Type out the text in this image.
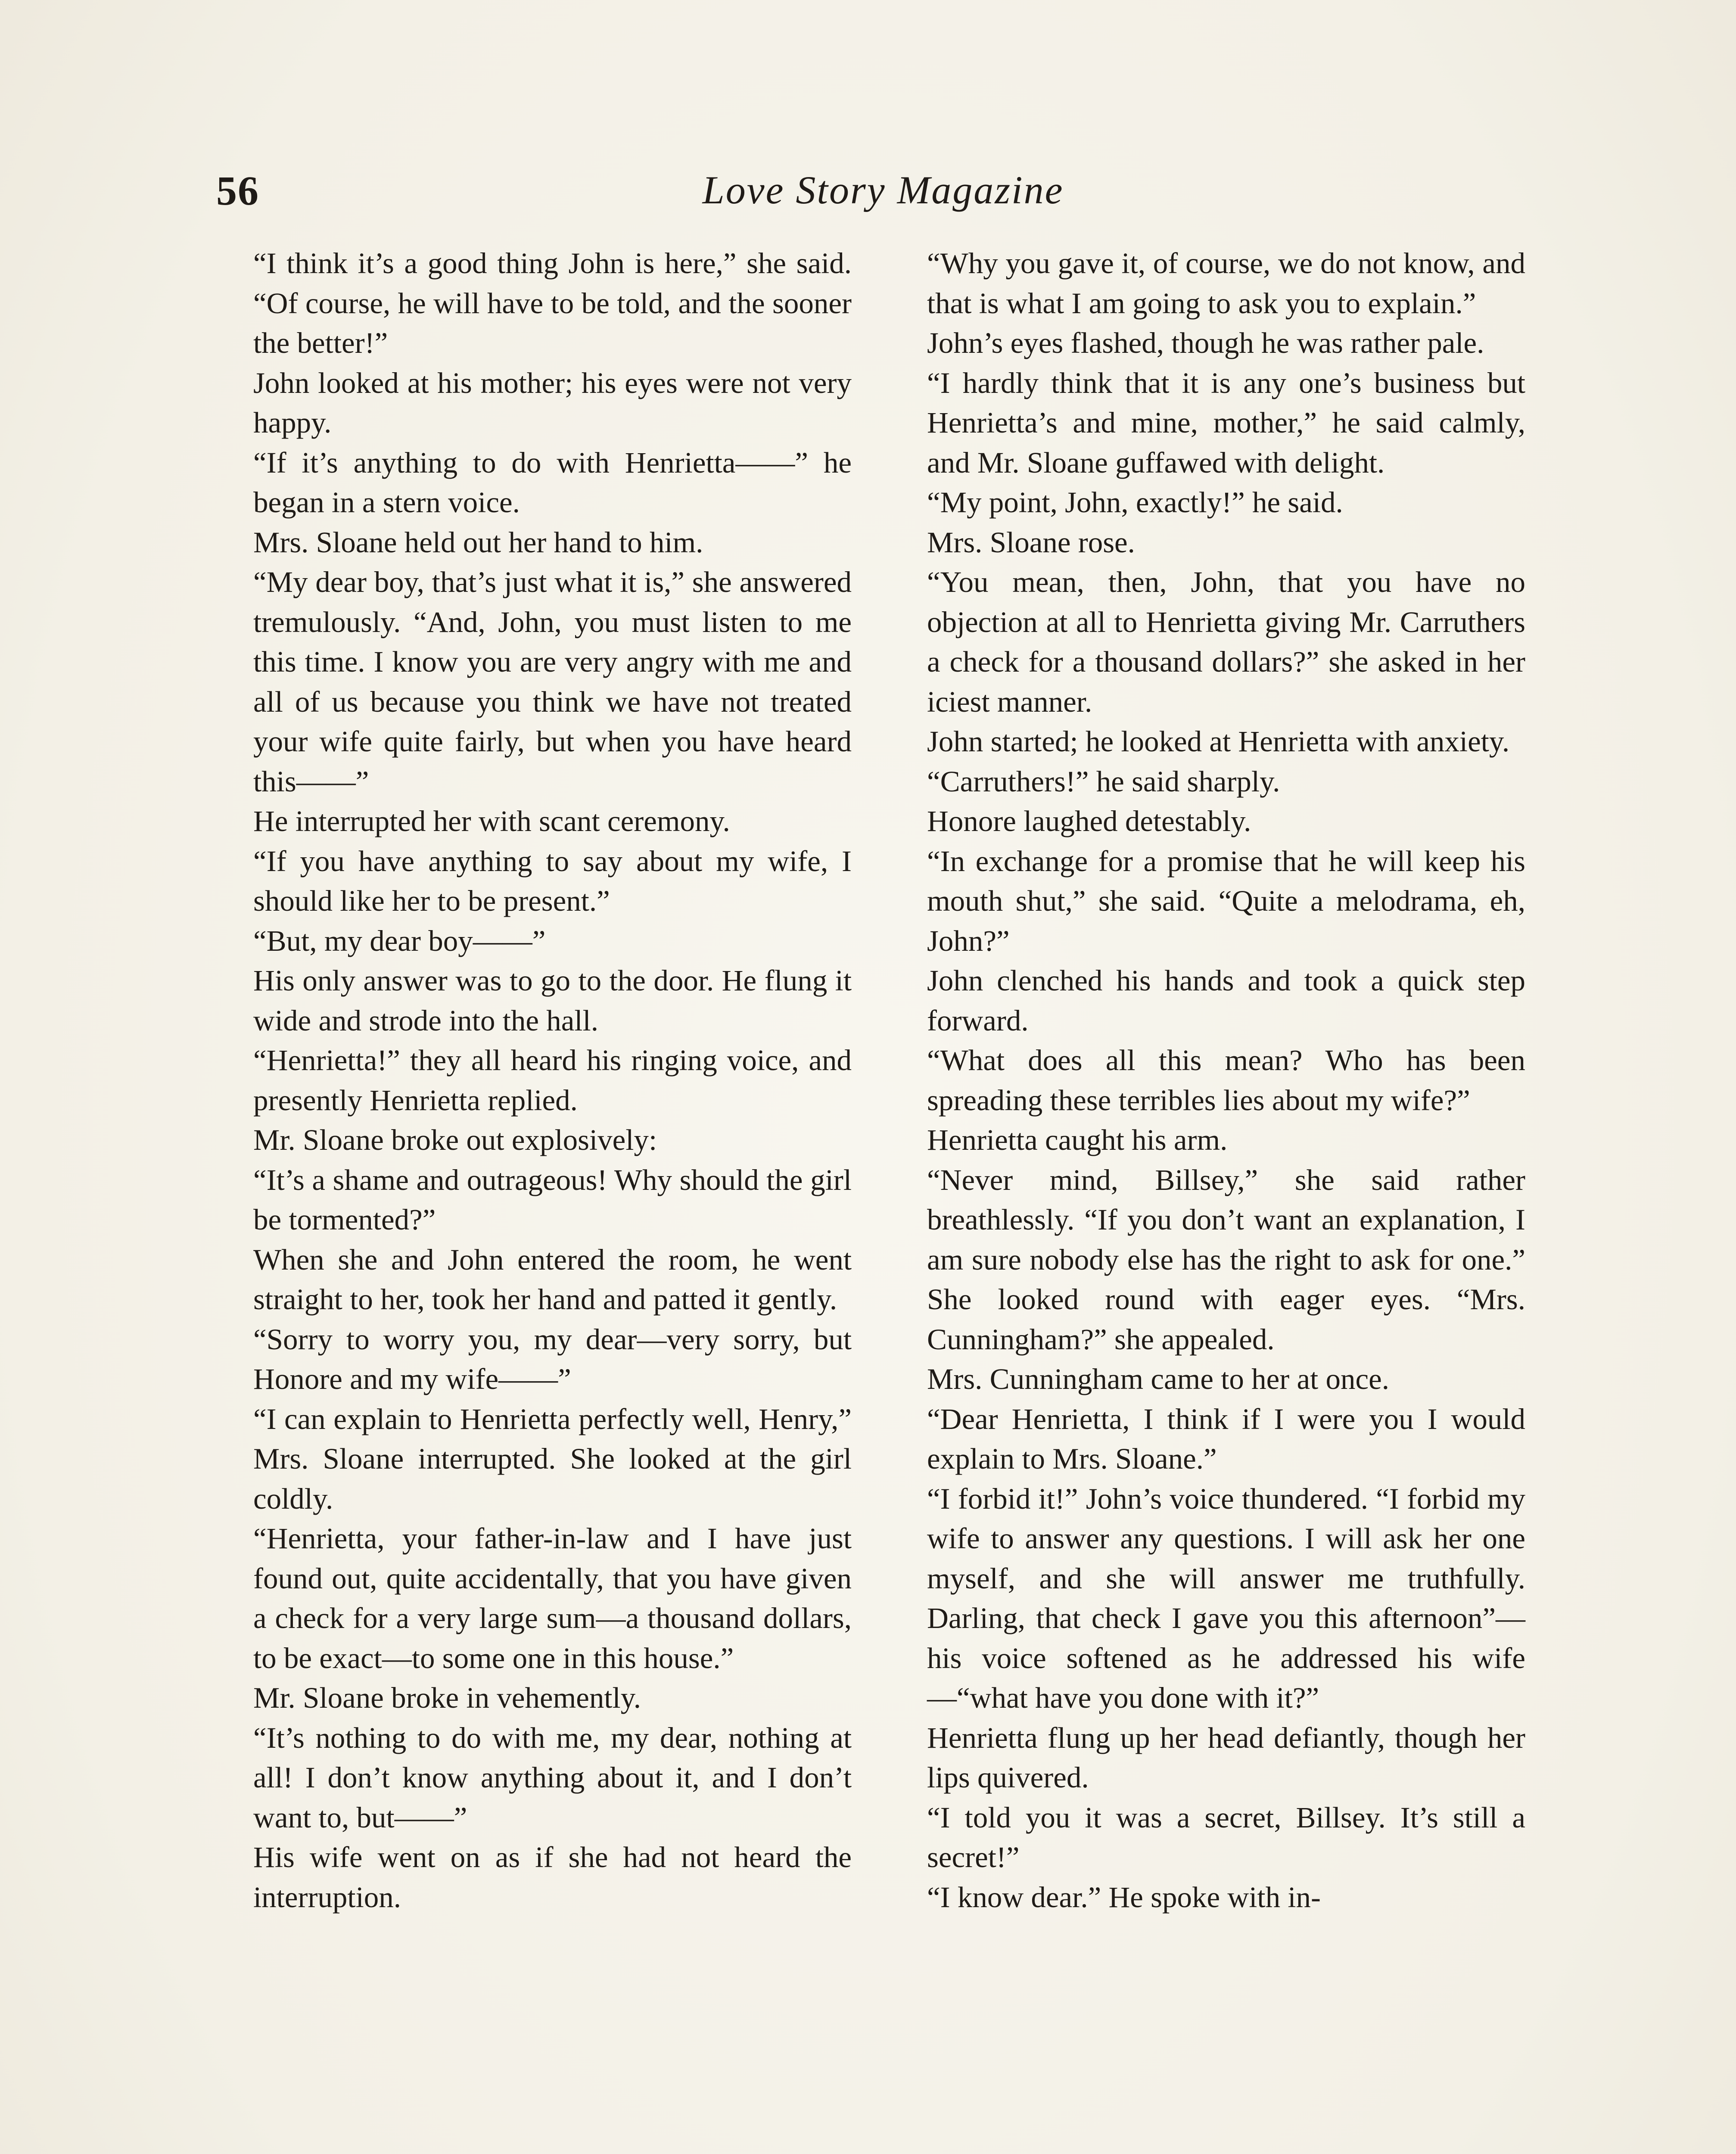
56	Love Story Magazine

“I think it’s a good thing John is here,” she said. “Of course, he will have to be told, and the sooner the better!”

John looked at his mother; his eyes were not very happy.

“If it’s anything to do with Henrietta——” he began in a stern voice.

Mrs. Sloane held out her hand to him.

“My dear boy, that’s just what it is,” she answered tremulously. “And, John, you must listen to me this time. I know you are very angry with me and all of us because you think we have not treated your wife quite fairly, but when you have heard this——”

He interrupted her with scant ceremony.

“If you have anything to say about my wife, I should like her to be present.”

“But, my dear boy——”

His only answer was to go to the door. He flung it wide and strode into the hall.

“Henrietta!” they all heard his ringing voice, and presently Henrietta replied.

Mr. Sloane broke out explosively:

“It’s a shame and outrageous! Why should the girl be tormented?”

When she and John entered the room, he went straight to her, took her hand and patted it gently.

“Sorry to worry you, my dear—very sorry, but Honore and my wife——”

“I can explain to Henrietta perfectly well, Henry,” Mrs. Sloane interrupted. She looked at the girl coldly.

“Henrietta, your father-in-law and I have just found out, quite accidentally, that you have given a check for a very large sum—a thousand dollars, to be exact—to some one in this house.”

Mr. Sloane broke in vehemently.

“It’s nothing to do with me, my dear, nothing at all! I don’t know anything about it, and I don’t want to, but——”

His wife went on as if she had not heard the interruption.

“Why you gave it, of course, we do not know, and that is what I am going to ask you to explain.”

John’s eyes flashed, though he was rather pale.

“I hardly think that it is any one’s business but Henrietta’s and mine, mother,” he said calmly, and Mr. Sloane guffawed with delight.

“My point, John, exactly!” he said.

Mrs. Sloane rose.

“You mean, then, John, that you have no objection at all to Henrietta giving Mr. Carruthers a check for a thousand dollars?” she asked in her iciest manner.

John started; he looked at Henrietta with anxiety.

“Carruthers!” he said sharply.

Honore laughed detestably.

“In exchange for a promise that he will keep his mouth shut,” she said. “Quite a melodrama, eh, John?”

John clenched his hands and took a quick step forward.

“What does all this mean? Who has been spreading these terribles lies about my wife?”

Henrietta caught his arm.

“Never mind, Billsey,” she said rather breathlessly. “If you don’t want an explanation, I am sure nobody else has the right to ask for one.” She looked round with eager eyes. “Mrs. Cunningham?” she appealed.

Mrs. Cunningham came to her at once.

“Dear Henrietta, I think if I were you I would explain to Mrs. Sloane.”

“I forbid it!” John’s voice thundered. “I forbid my wife to answer any questions. I will ask her one myself, and she will answer me truthfully. Darling, that check I gave you this afternoon”—his voice softened as he addressed his wife—“what have you done with it?”

Henrietta flung up her head defiantly, though her lips quivered.

“I told you it was a secret, Billsey. It’s still a secret!”

“I know dear.” He spoke with in-
